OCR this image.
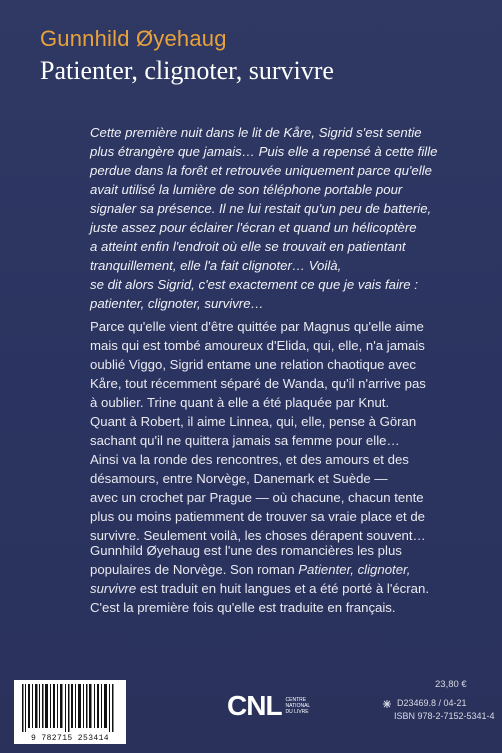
Gunnhild Øyehaug
Patienter, clignoter, survivre

Cette première nuit dans le lit de Kåre, Sigrid s'est sentie
plus étrangère que jamais… Puis elle a repensé à cette fille
perdue dans la forêt et retrouvée uniquement parce qu'elle
avait utilisé la lumière de son téléphone portable pour
signaler sa présence. Il ne lui restait qu'un peu de batterie,
juste assez pour éclairer l'écran et quand un hélicoptère
a atteint enfin l'endroit où elle se trouvait en patientant
tranquillement, elle l'a fait clignoter… Voilà,
se dit alors Sigrid, c'est exactement ce que je vais faire :
patienter, clignoter, survivre…

Parce qu'elle vient d'être quittée par Magnus qu'elle aime
mais qui est tombé amoureux d'Elida, qui, elle, n'a jamais
oublié Viggo, Sigrid entame une relation chaotique avec
Kåre, tout récemment séparé de Wanda, qu'il n'arrive pas
à oublier. Trine quant à elle a été plaquée par Knut.
Quant à Robert, il aime Linnea, qui, elle, pense à Göran
sachant qu'il ne quittera jamais sa femme pour elle…
Ainsi va la ronde des rencontres, et des amours et des
désamours, entre Norvège, Danemark et Suède —
avec un crochet par Prague — où chacune, chacun tente
plus ou moins patiemment de trouver sa vraie place et de
survivre. Seulement voilà, les choses dérapent souvent…

Gunnhild Øyehaug est l'une des romancières les plus
populaires de Norvège. Son roman Patienter, clignoter,
survivre est traduit en huit langues et a été porté à l'écran.
C'est la première fois qu'elle est traduite en français.

23,80 €
9 782715 253414
CNL CENTRE NATIONAL DU LIVRE
D23469.8 / 04-21
ISBN 978-2-7152-5341-4
